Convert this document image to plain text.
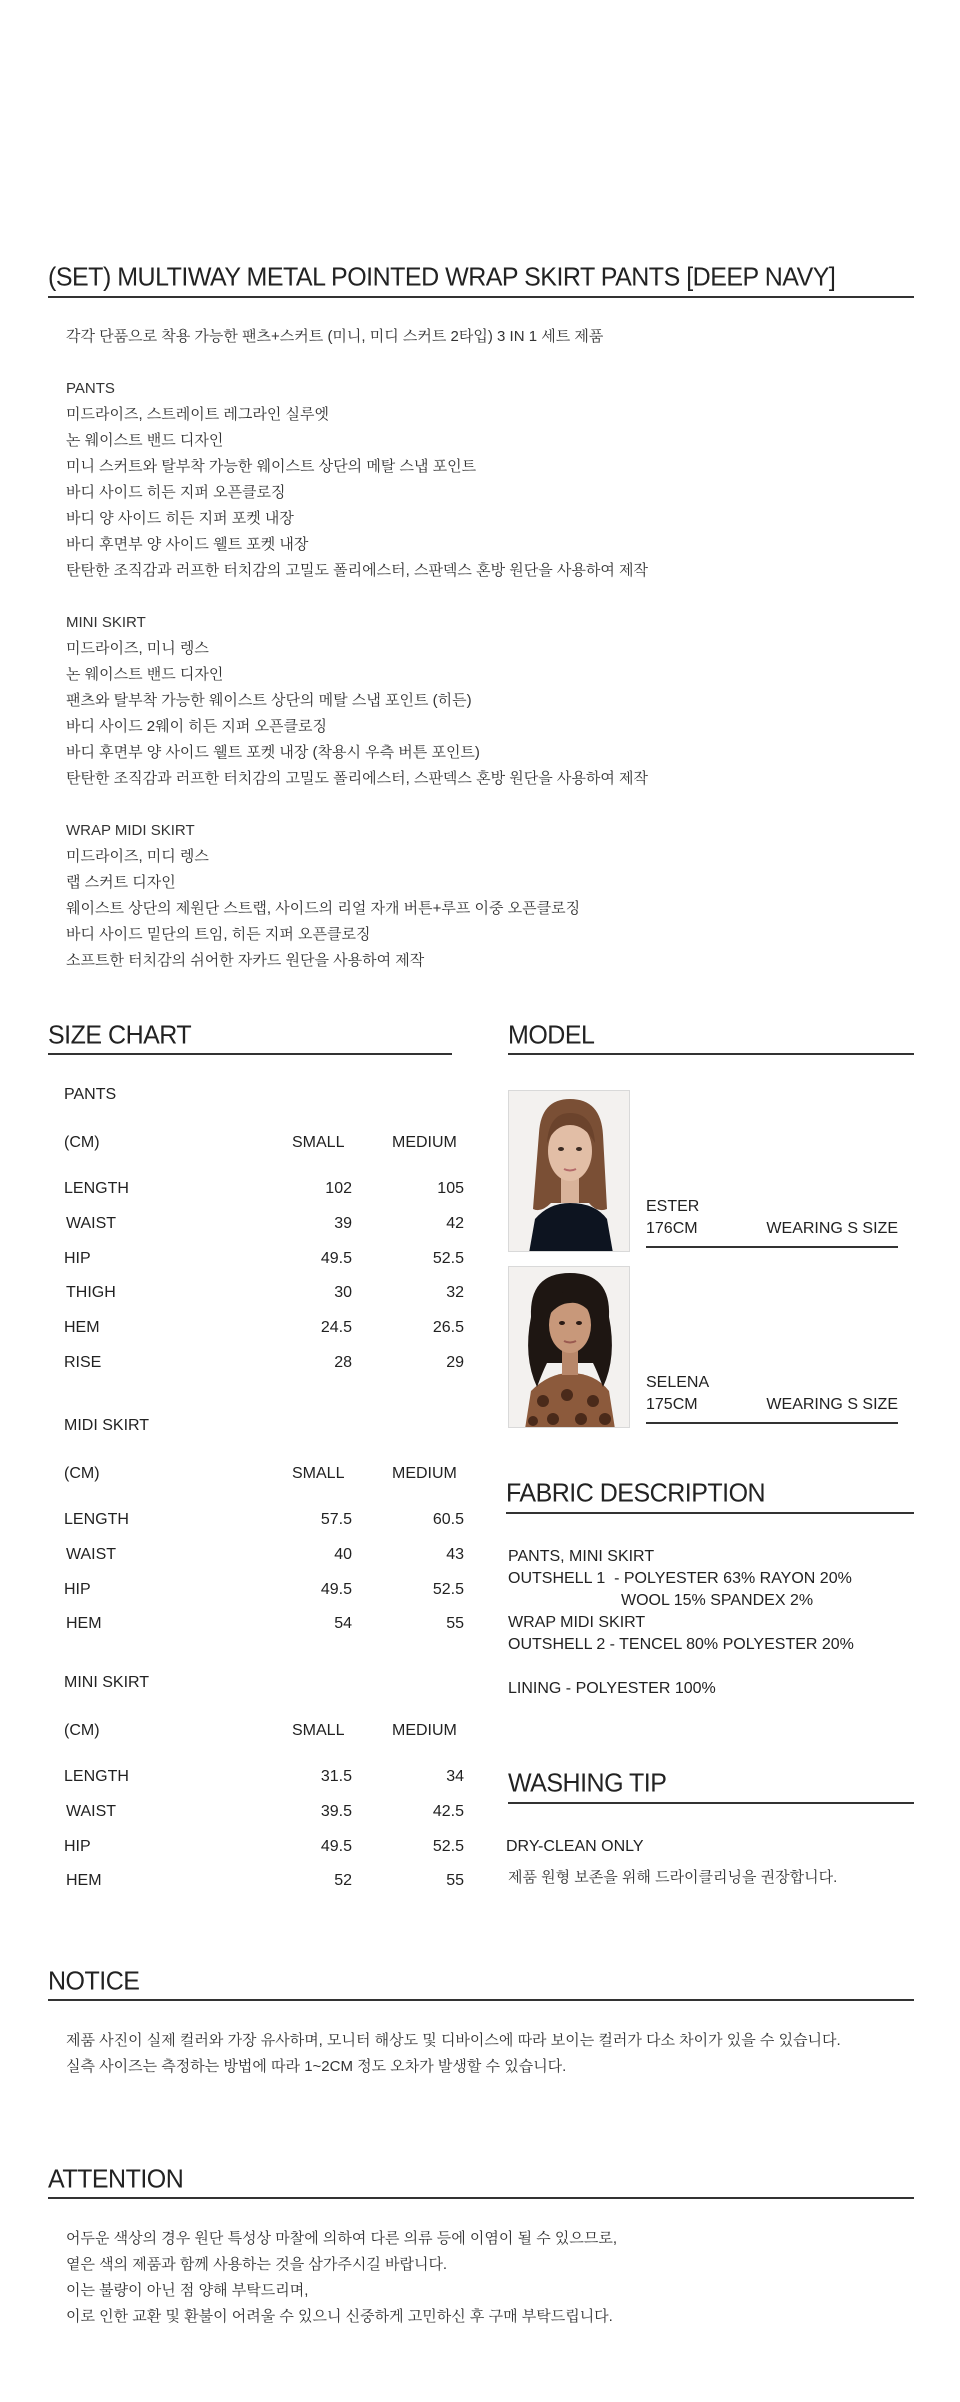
(SET) MULTIWAY METAL POINTED WRAP SKIRT PANTS [DEEP NAVY]
각각 단품으로 착용 가능한 팬츠+스커트 (미니, 미디 스커트 2타입) 3 IN 1 세트 제품
PANTS
미드라이즈, 스트레이트 레그라인 실루엣
논 웨이스트 밴드 디자인
미니 스커트와 탈부착 가능한 웨이스트 상단의 메탈 스냅 포인트
바디 사이드 히든 지퍼 오픈클로징
바디 양 사이드 히든 지퍼 포켓 내장
바디 후면부 양 사이드 웰트 포켓 내장
탄탄한 조직감과 러프한 터치감의 고밀도 폴리에스터, 스판덱스 혼방 원단을 사용하여 제작
MINI SKIRT
미드라이즈, 미니 렝스
논 웨이스트 밴드 디자인
팬츠와 탈부착 가능한 웨이스트 상단의 메탈 스냅 포인트 (히든)
바디 사이드 2웨이 히든 지퍼 오픈클로징
바디 후면부 양 사이드 웰트 포켓 내장 (착용시 우측 버튼 포인트)
탄탄한 조직감과 러프한 터치감의 고밀도 폴리에스터, 스판덱스 혼방 원단을 사용하여 제작
WRAP MIDI SKIRT
미드라이즈, 미디 렝스
랩 스커트 디자인
웨이스트 상단의 제원단 스트랩, 사이드의 리얼 자개 버튼+루프 이중 오픈클로징
바디 사이드 밑단의 트임, 히든 지퍼 오픈클로징
소프트한 터치감의 쉬어한 자카드 원단을 사용하여 제작
SIZE CHART
PANTS
(CM)	SMALL	MEDIUM
LENGTH	102	105
WAIST	39	42
HIP	49.5	52.5
THIGH	30	32
HEM	24.5	26.5
RISE	28	29
MIDI SKIRT
(CM)	SMALL	MEDIUM
LENGTH	57.5	60.5
WAIST	40	43
HIP	49.5	52.5
HEM	54	55
MINI SKIRT
(CM)	SMALL	MEDIUM
LENGTH	31.5	34
WAIST	39.5	42.5
HIP	49.5	52.5
HEM	52	55
MODEL
ESTER
176CM	WEARING S SIZE
SELENA
175CM	WEARING S SIZE
FABRIC DESCRIPTION
PANTS, MINI SKIRT
OUTSHELL 1  - POLYESTER 63% RAYON 20%
WOOL 15% SPANDEX 2%
WRAP MIDI SKIRT
OUTSHELL 2 - TENCEL 80% POLYESTER 20%
LINING - POLYESTER 100%
WASHING TIP
DRY-CLEAN ONLY
제품 원형 보존을 위해 드라이클리닝을 권장합니다.
NOTICE
제품 사진이 실제 컬러와 가장 유사하며, 모니터 해상도 및 디바이스에 따라 보이는 컬러가 다소 차이가 있을 수 있습니다.
실측 사이즈는 측정하는 방법에 따라 1~2CM 정도 오차가 발생할 수 있습니다.
ATTENTION
어두운 색상의 경우 원단 특성상 마찰에 의하여 다른 의류 등에 이염이 될 수 있으므로,
옅은 색의 제품과 함께 사용하는 것을 삼가주시길 바랍니다.
이는 불량이 아닌 점 양해 부탁드리며,
이로 인한 교환 및 환불이 어려울 수 있으니 신중하게 고민하신 후 구매 부탁드립니다.
